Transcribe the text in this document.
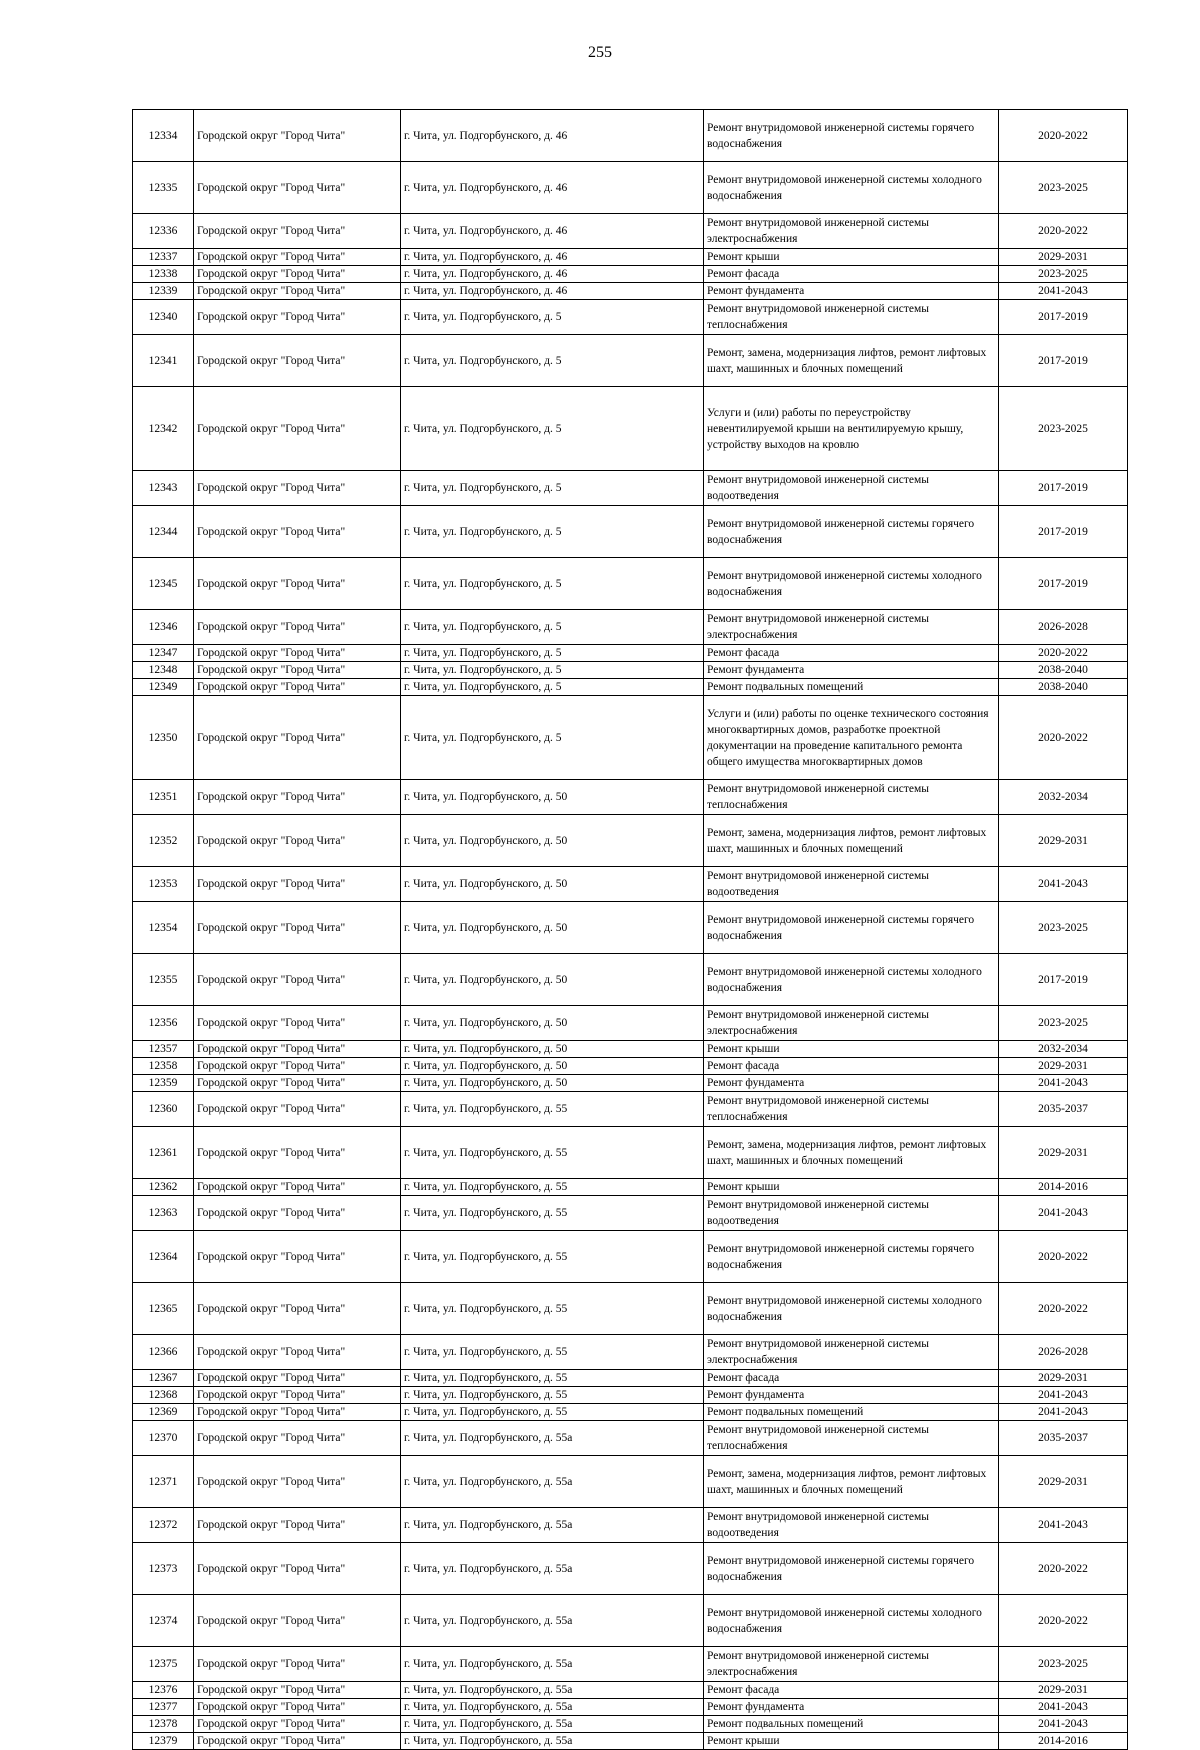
255
12334	Городской округ "Город Чита"	г. Чита, ул. Подгорбунского, д. 46	Ремонт внутридомовой инженерной системы горячего водоснабжения	2020-2022
12335	Городской округ "Город Чита"	г. Чита, ул. Подгорбунского, д. 46	Ремонт внутридомовой инженерной системы холодного водоснабжения	2023-2025
12336	Городской округ "Город Чита"	г. Чита, ул. Подгорбунского, д. 46	Ремонт внутридомовой инженерной системы электроснабжения	2020-2022
12337	Городской округ "Город Чита"	г. Чита, ул. Подгорбунского, д. 46	Ремонт крыши	2029-2031
12338	Городской округ "Город Чита"	г. Чита, ул. Подгорбунского, д. 46	Ремонт фасада	2023-2025
12339	Городской округ "Город Чита"	г. Чита, ул. Подгорбунского, д. 46	Ремонт фундамента	2041-2043
12340	Городской округ "Город Чита"	г. Чита, ул. Подгорбунского, д. 5	Ремонт внутридомовой инженерной системы теплоснабжения	2017-2019
12341	Городской округ "Город Чита"	г. Чита, ул. Подгорбунского, д. 5	Ремонт, замена, модернизация лифтов, ремонт лифтовых шахт, машинных и блочных помещений	2017-2019
12342	Городской округ "Город Чита"	г. Чита, ул. Подгорбунского, д. 5	Услуги и (или) работы по переустройству невентилируемой крыши на вентилируемую крышу, устройству выходов на кровлю	2023-2025
12343	Городской округ "Город Чита"	г. Чита, ул. Подгорбунского, д. 5	Ремонт внутридомовой инженерной системы водоотведения	2017-2019
12344	Городской округ "Город Чита"	г. Чита, ул. Подгорбунского, д. 5	Ремонт внутридомовой инженерной системы горячего водоснабжения	2017-2019
12345	Городской округ "Город Чита"	г. Чита, ул. Подгорбунского, д. 5	Ремонт внутридомовой инженерной системы холодного водоснабжения	2017-2019
12346	Городской округ "Город Чита"	г. Чита, ул. Подгорбунского, д. 5	Ремонт внутридомовой инженерной системы электроснабжения	2026-2028
12347	Городской округ "Город Чита"	г. Чита, ул. Подгорбунского, д. 5	Ремонт фасада	2020-2022
12348	Городской округ "Город Чита"	г. Чита, ул. Подгорбунского, д. 5	Ремонт фундамента	2038-2040
12349	Городской округ "Город Чита"	г. Чита, ул. Подгорбунского, д. 5	Ремонт подвальных помещений	2038-2040
12350	Городской округ "Город Чита"	г. Чита, ул. Подгорбунского, д. 5	Услуги и (или) работы по оценке технического состояния многоквартирных домов, разработке проектной документации на проведение капитального ремонта общего имущества многоквартирных домов	2020-2022
12351	Городской округ "Город Чита"	г. Чита, ул. Подгорбунского, д. 50	Ремонт внутридомовой инженерной системы теплоснабжения	2032-2034
12352	Городской округ "Город Чита"	г. Чита, ул. Подгорбунского, д. 50	Ремонт, замена, модернизация лифтов, ремонт лифтовых шахт, машинных и блочных помещений	2029-2031
12353	Городской округ "Город Чита"	г. Чита, ул. Подгорбунского, д. 50	Ремонт внутридомовой инженерной системы водоотведения	2041-2043
12354	Городской округ "Город Чита"	г. Чита, ул. Подгорбунского, д. 50	Ремонт внутридомовой инженерной системы горячего водоснабжения	2023-2025
12355	Городской округ "Город Чита"	г. Чита, ул. Подгорбунского, д. 50	Ремонт внутридомовой инженерной системы холодного водоснабжения	2017-2019
12356	Городской округ "Город Чита"	г. Чита, ул. Подгорбунского, д. 50	Ремонт внутридомовой инженерной системы электроснабжения	2023-2025
12357	Городской округ "Город Чита"	г. Чита, ул. Подгорбунского, д. 50	Ремонт крыши	2032-2034
12358	Городской округ "Город Чита"	г. Чита, ул. Подгорбунского, д. 50	Ремонт фасада	2029-2031
12359	Городской округ "Город Чита"	г. Чита, ул. Подгорбунского, д. 50	Ремонт фундамента	2041-2043
12360	Городской округ "Город Чита"	г. Чита, ул. Подгорбунского, д. 55	Ремонт внутридомовой инженерной системы теплоснабжения	2035-2037
12361	Городской округ "Город Чита"	г. Чита, ул. Подгорбунского, д. 55	Ремонт, замена, модернизация лифтов, ремонт лифтовых шахт, машинных и блочных помещений	2029-2031
12362	Городской округ "Город Чита"	г. Чита, ул. Подгорбунского, д. 55	Ремонт крыши	2014-2016
12363	Городской округ "Город Чита"	г. Чита, ул. Подгорбунского, д. 55	Ремонт внутридомовой инженерной системы водоотведения	2041-2043
12364	Городской округ "Город Чита"	г. Чита, ул. Подгорбунского, д. 55	Ремонт внутридомовой инженерной системы горячего водоснабжения	2020-2022
12365	Городской округ "Город Чита"	г. Чита, ул. Подгорбунского, д. 55	Ремонт внутридомовой инженерной системы холодного водоснабжения	2020-2022
12366	Городской округ "Город Чита"	г. Чита, ул. Подгорбунского, д. 55	Ремонт внутридомовой инженерной системы электроснабжения	2026-2028
12367	Городской округ "Город Чита"	г. Чита, ул. Подгорбунского, д. 55	Ремонт фасада	2029-2031
12368	Городской округ "Город Чита"	г. Чита, ул. Подгорбунского, д. 55	Ремонт фундамента	2041-2043
12369	Городской округ "Город Чита"	г. Чита, ул. Подгорбунского, д. 55	Ремонт подвальных помещений	2041-2043
12370	Городской округ "Город Чита"	г. Чита, ул. Подгорбунского, д. 55а	Ремонт внутридомовой инженерной системы теплоснабжения	2035-2037
12371	Городской округ "Город Чита"	г. Чита, ул. Подгорбунского, д. 55а	Ремонт, замена, модернизация лифтов, ремонт лифтовых шахт, машинных и блочных помещений	2029-2031
12372	Городской округ "Город Чита"	г. Чита, ул. Подгорбунского, д. 55а	Ремонт внутридомовой инженерной системы водоотведения	2041-2043
12373	Городской округ "Город Чита"	г. Чита, ул. Подгорбунского, д. 55а	Ремонт внутридомовой инженерной системы горячего водоснабжения	2020-2022
12374	Городской округ "Город Чита"	г. Чита, ул. Подгорбунского, д. 55а	Ремонт внутридомовой инженерной системы холодного водоснабжения	2020-2022
12375	Городской округ "Город Чита"	г. Чита, ул. Подгорбунского, д. 55а	Ремонт внутридомовой инженерной системы электроснабжения	2023-2025
12376	Городской округ "Город Чита"	г. Чита, ул. Подгорбунского, д. 55а	Ремонт фасада	2029-2031
12377	Городской округ "Город Чита"	г. Чита, ул. Подгорбунского, д. 55а	Ремонт фундамента	2041-2043
12378	Городской округ "Город Чита"	г. Чита, ул. Подгорбунского, д. 55а	Ремонт подвальных помещений	2041-2043
12379	Городской округ "Город Чита"	г. Чита, ул. Подгорбунского, д. 55а	Ремонт крыши	2014-2016
